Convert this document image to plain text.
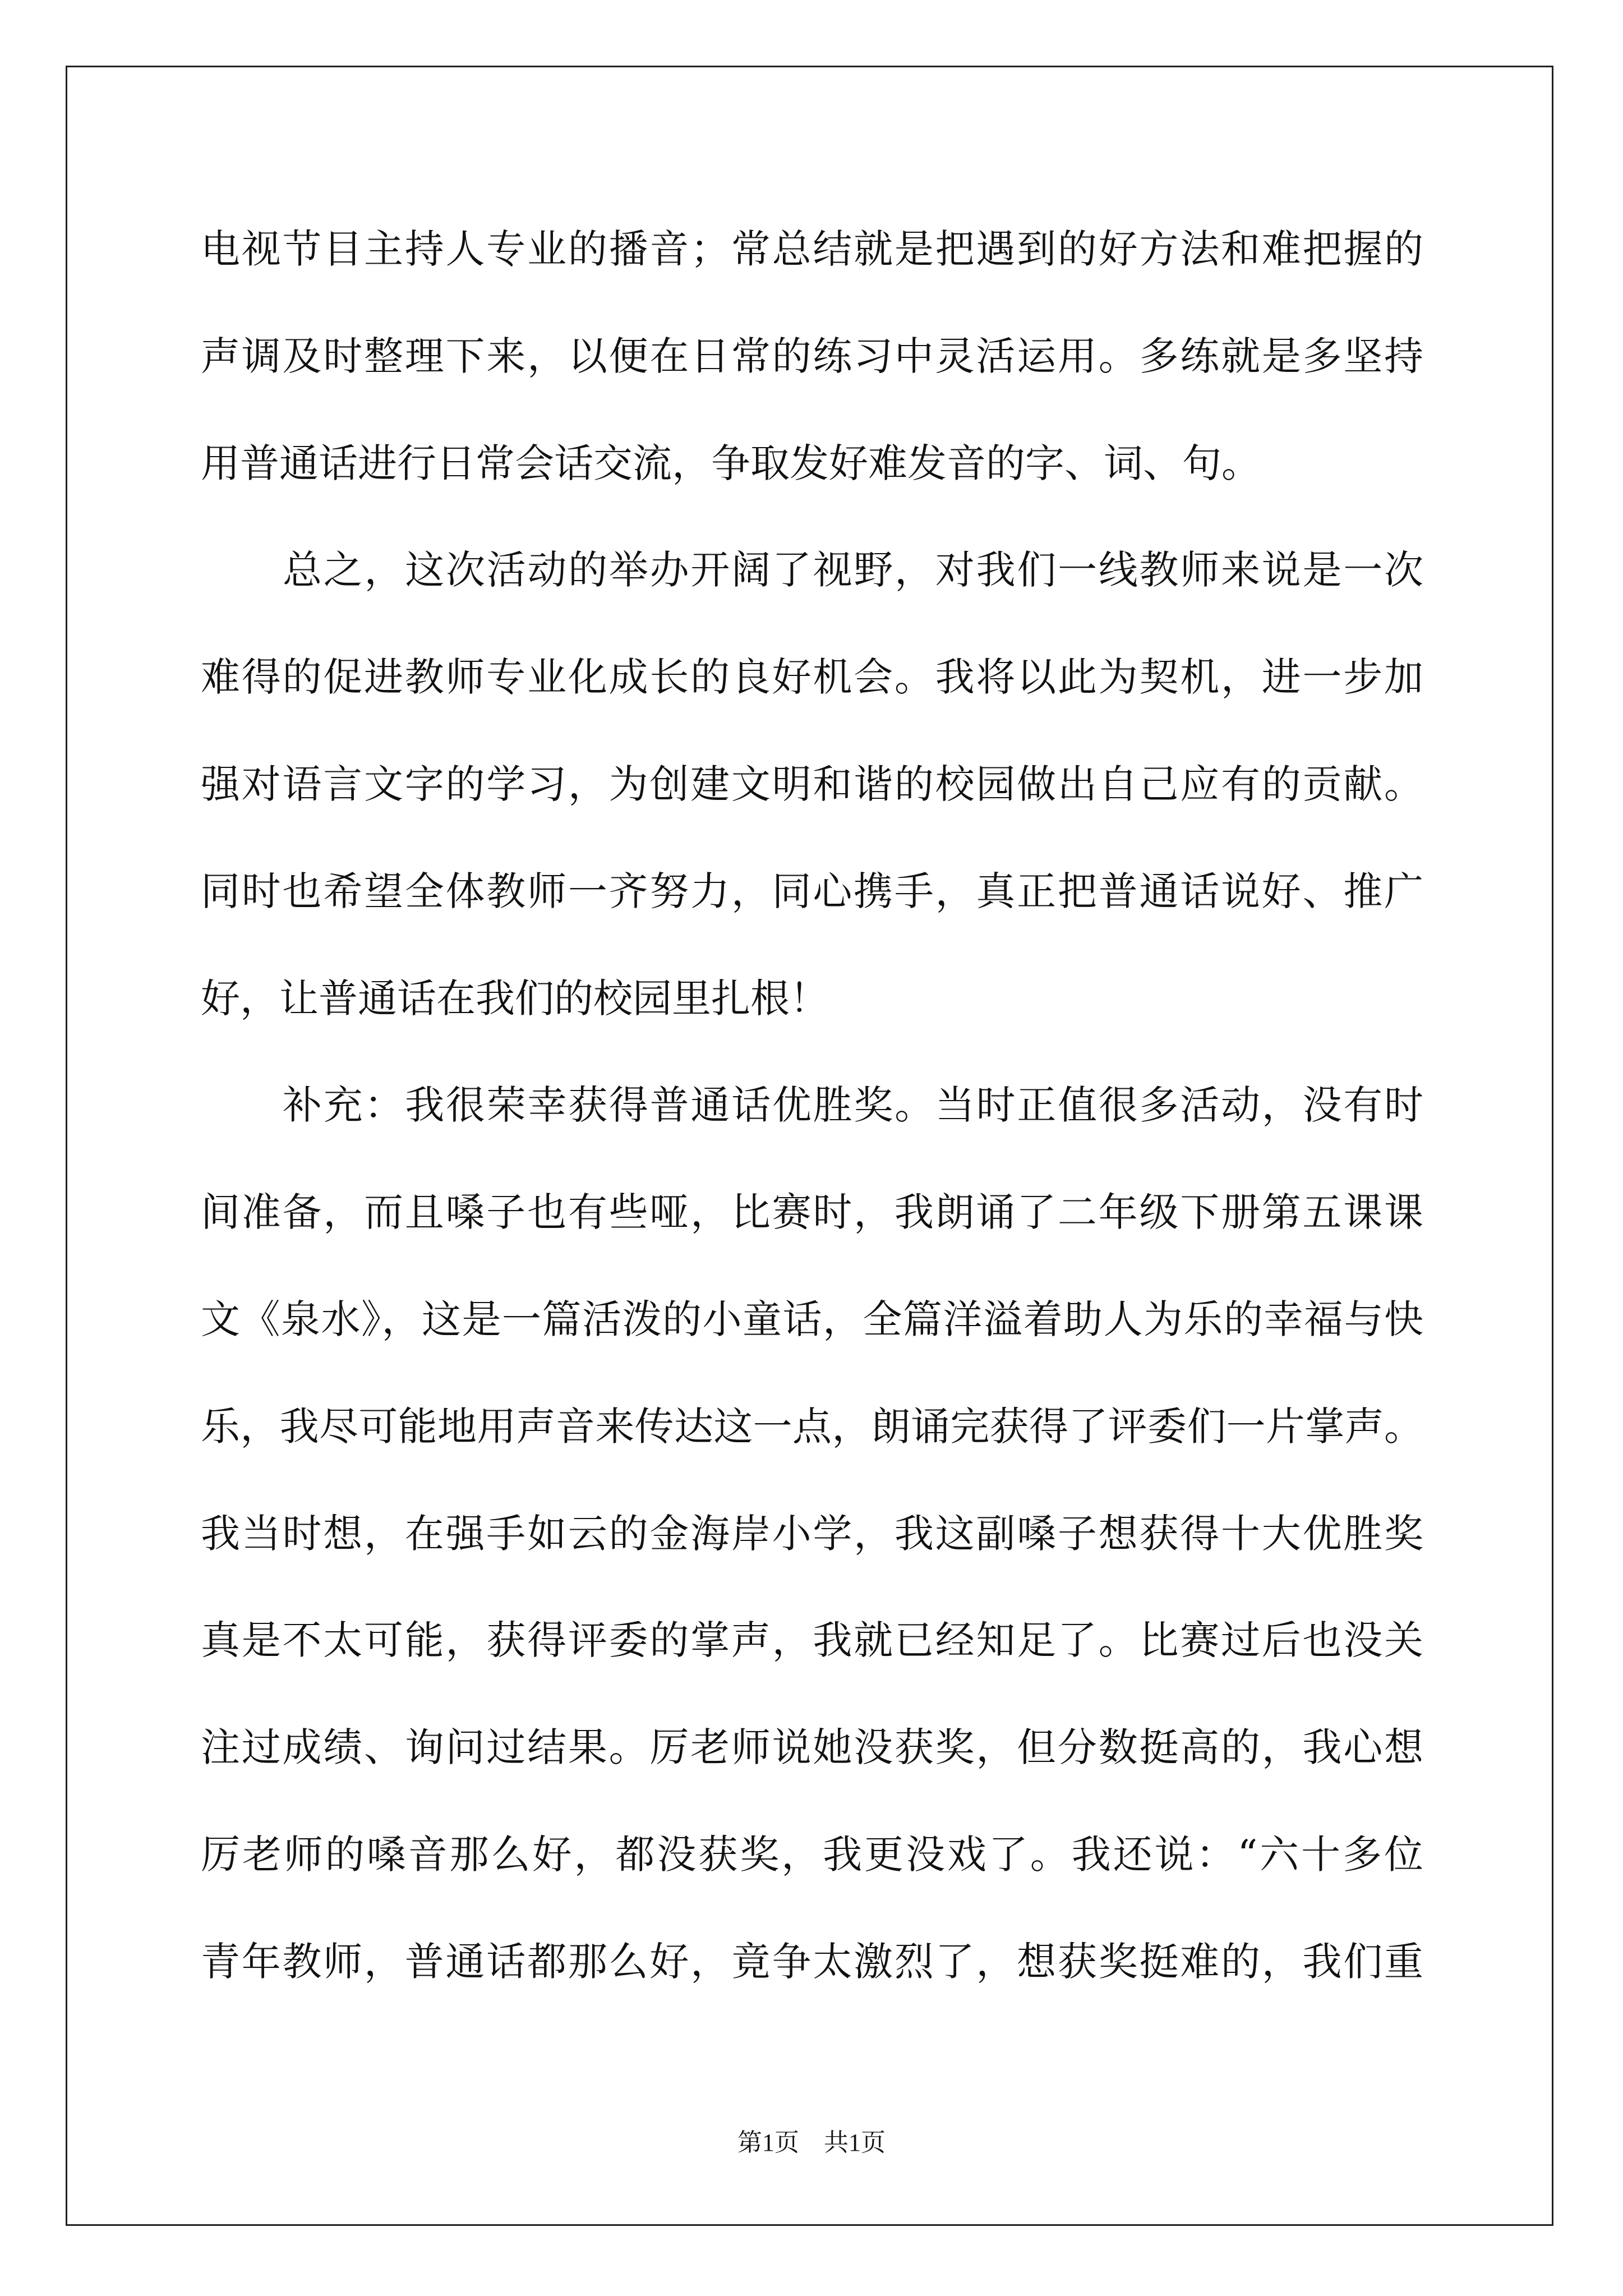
电视节目主持人专业的播音；常总结就是把遇到的好方法和难把握的
声调及时整理下来，以便在日常的练习中灵活运用。多练就是多坚持
用普通话进行日常会话交流，争取发好难发音的字、词、句。
总之，这次活动的举办开阔了视野，对我们一线教师来说是一次
难得的促进教师专业化成长的良好机会。我将以此为契机，进一步加
强对语言文字的学习，为创建文明和谐的校园做出自己应有的贡献。
同时也希望全体教师一齐努力，同心携手，真正把普通话说好、推广
好，让普通话在我们的校园里扎根！
补充：我很荣幸获得普通话优胜奖。当时正值很多活动，没有时
间准备，而且嗓子也有些哑，比赛时，我朗诵了二年级下册第五课课
文《泉水》，这是一篇活泼的小童话，全篇洋溢着助人为乐的幸福与快
乐，我尽可能地用声音来传达这一点，朗诵完获得了评委们一片掌声。
我当时想，在强手如云的金海岸小学，我这副嗓子想获得十大优胜奖
真是不太可能，获得评委的掌声，我就已经知足了。比赛过后也没关
注过成绩、询问过结果。厉老师说她没获奖，但分数挺高的，我心想
厉老师的嗓音那么好，都没获奖，我更没戏了。我还说：“六十多位
青年教师，普通话都那么好，竟争太激烈了，想获奖挺难的，我们重
第1页　共1页
